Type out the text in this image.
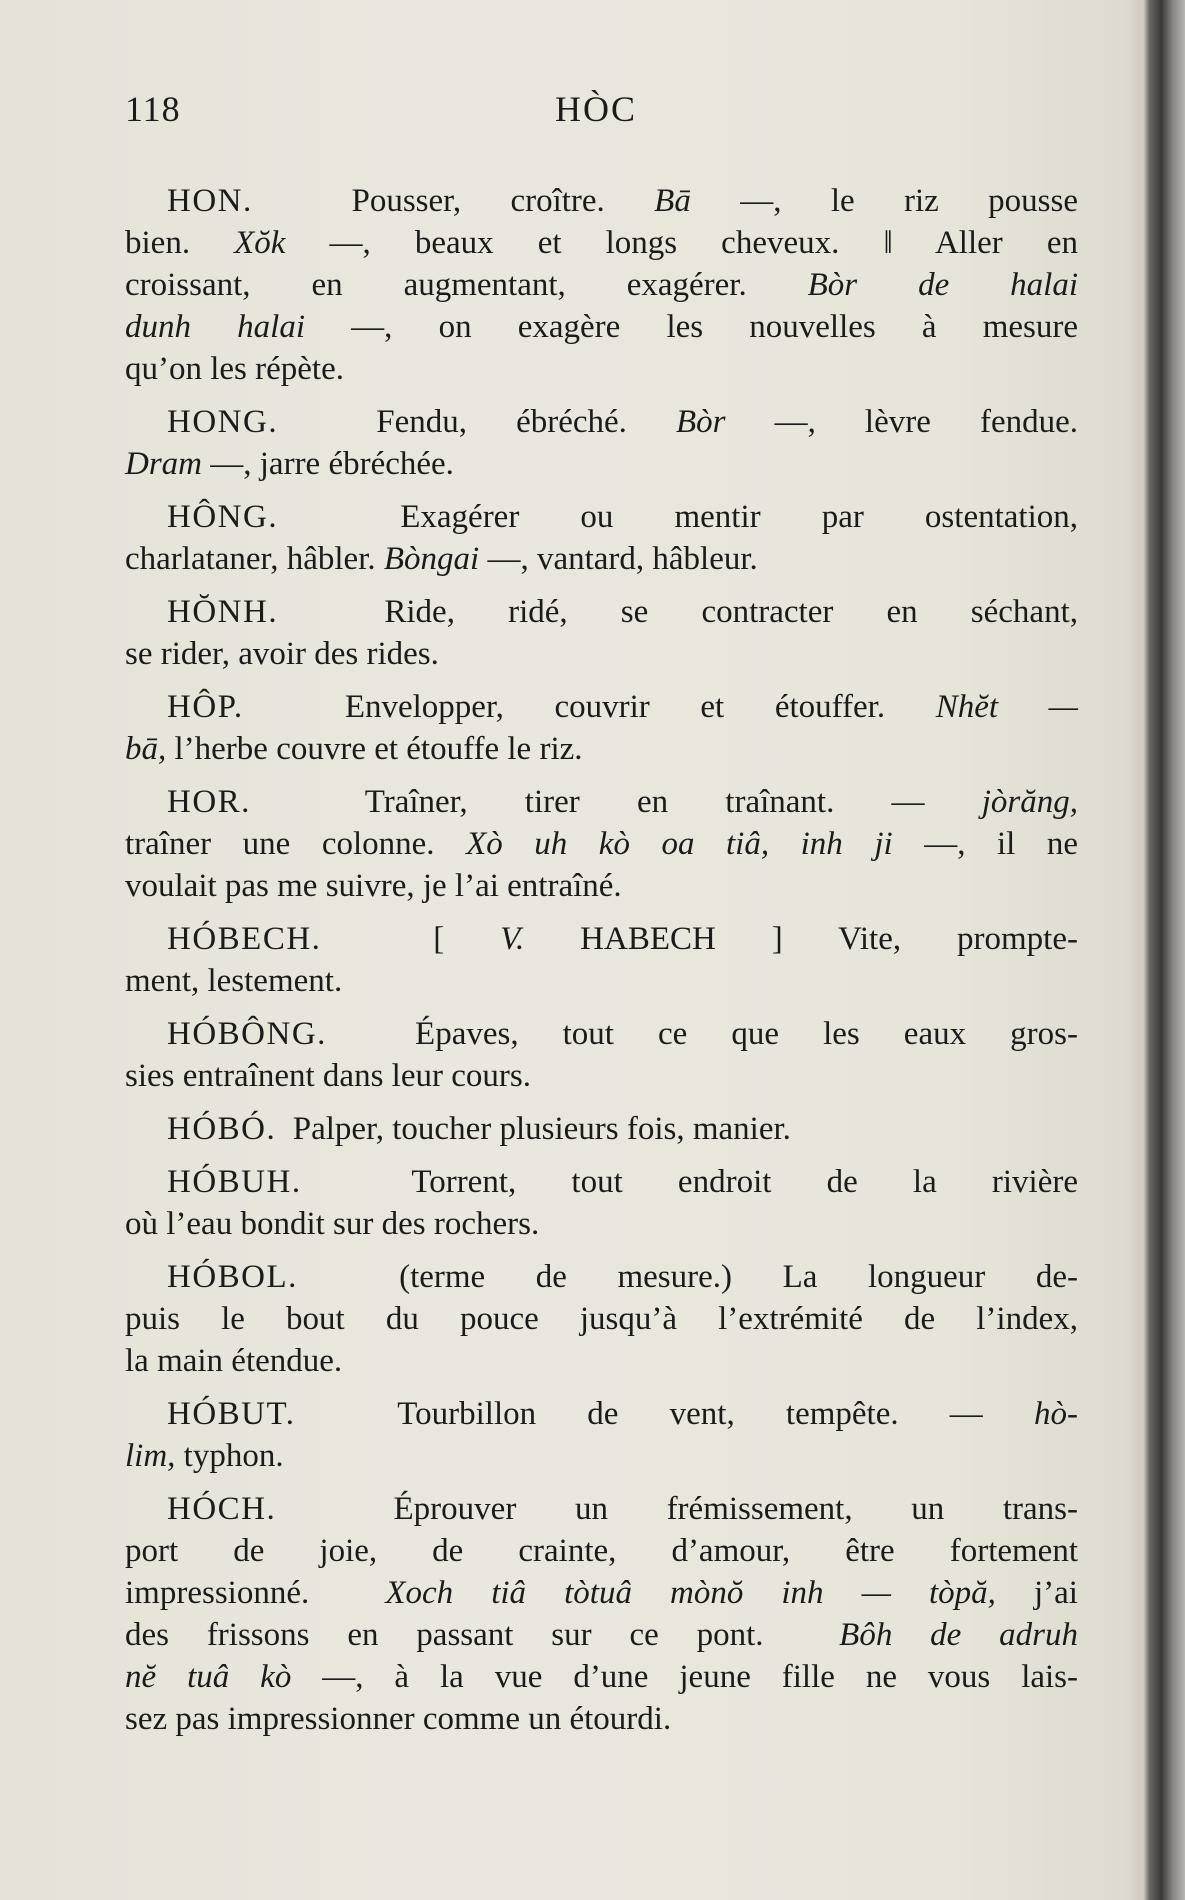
118	HÒC
HON.  Pousser, croître. Bā —, le riz pousse
bien. Xŏk —, beaux et longs cheveux. ‖ Aller en
croissant, en augmentant, exagérer. Bòr de halai
dunh halai —, on exagère les nouvelles à mesure
qu’on les répète.
HONG.  Fendu, ébréché. Bòr —, lèvre fendue.
Dram —, jarre ébréchée.
HÔNG.  Exagérer ou mentir par ostentation,
charlataner, hâbler. Bòngai —, vantard, hâbleur.
HŎNH.  Ride, ridé, se contracter en séchant,
se rider, avoir des rides.
HÔP.  Envelopper, couvrir et étouffer. Nhĕt —
bā, l’herbe couvre et étouffe le riz.
HOR.  Traîner, tirer en traînant. — jòrăng,
traîner une colonne. Xò uh kò oa tiâ, inh ji —, il ne
voulait pas me suivre, je l’ai entraîné.
HÓBECH.  [ V. HABECH ] Vite, prompte-
ment, lestement.
HÓBÔNG.  Épaves, tout ce que les eaux gros-
sies entraînent dans leur cours.
HÓBÓ.  Palper, toucher plusieurs fois, manier.
HÓBUH.  Torrent, tout endroit de la rivière
où l’eau bondit sur des rochers.
HÓBOL.  (terme de mesure.) La longueur de-
puis le bout du pouce jusqu’à l’extrémité de l’index,
la main étendue.
HÓBUT.  Tourbillon de vent, tempête. — hò-
lim, typhon.
HÓCH.  Éprouver un frémissement, un trans-
port de joie, de crainte, d’amour, être fortement
impressionné.  Xoch tiâ tòtuâ mònŏ inh — tòpă, j’ai
des frissons en passant sur ce pont.  Bôh de adruh
nĕ tuâ kò —, à la vue d’une jeune fille ne vous lais-
sez pas impressionner comme un étourdi.
